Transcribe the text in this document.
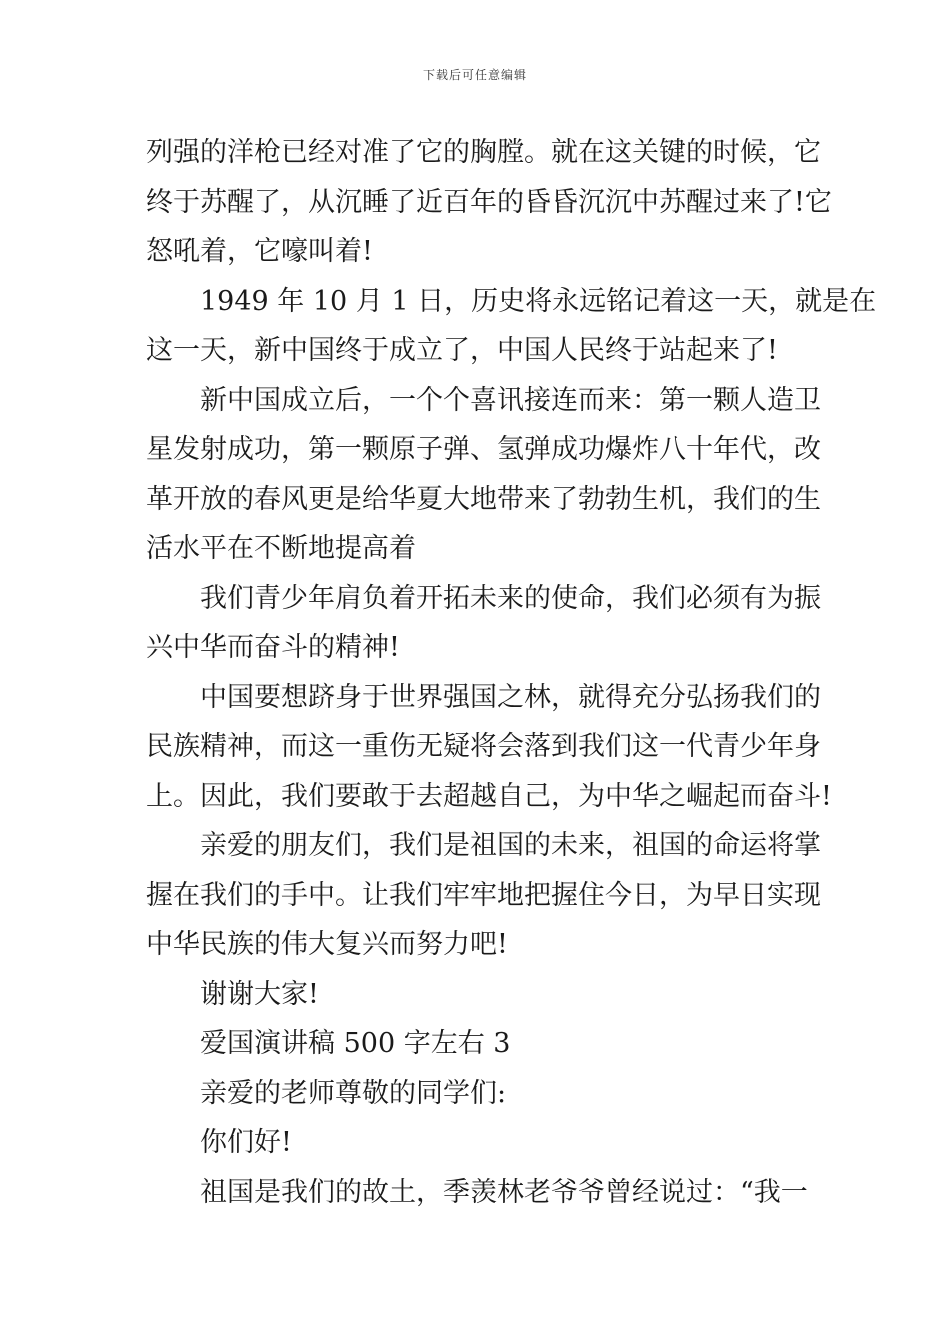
下载后可任意编辑
列强的洋枪已经对准了它的胸膛。就在这关键的时候，它
终于苏醒了，从沉睡了近百年的昏昏沉沉中苏醒过来了!它
怒吼着，它嚎叫着!
1949 年 10 月 1 日，历史将永远铭记着这一天，就是在
这一天，新中国终于成立了，中国人民终于站起来了!
新中国成立后，一个个喜讯接连而来：第一颗人造卫
星发射成功，第一颗原子弹、氢弹成功爆炸八十年代，改
革开放的春风更是给华夏大地带来了勃勃生机，我们的生
活水平在不断地提高着
我们青少年肩负着开拓未来的使命，我们必须有为振
兴中华而奋斗的精神!
中国要想跻身于世界强国之林，就得充分弘扬我们的
民族精神，而这一重伤无疑将会落到我们这一代青少年身
上。因此，我们要敢于去超越自己，为中华之崛起而奋斗!
亲爱的朋友们，我们是祖国的未来，祖国的命运将掌
握在我们的手中。让我们牢牢地把握住今日，为早日实现
中华民族的伟大复兴而努力吧!
谢谢大家!
爱国演讲稿 500 字左右 3
亲爱的老师尊敬的同学们:
你们好!
祖国是我们的故土，季羡林老爷爷曾经说过：“我一
